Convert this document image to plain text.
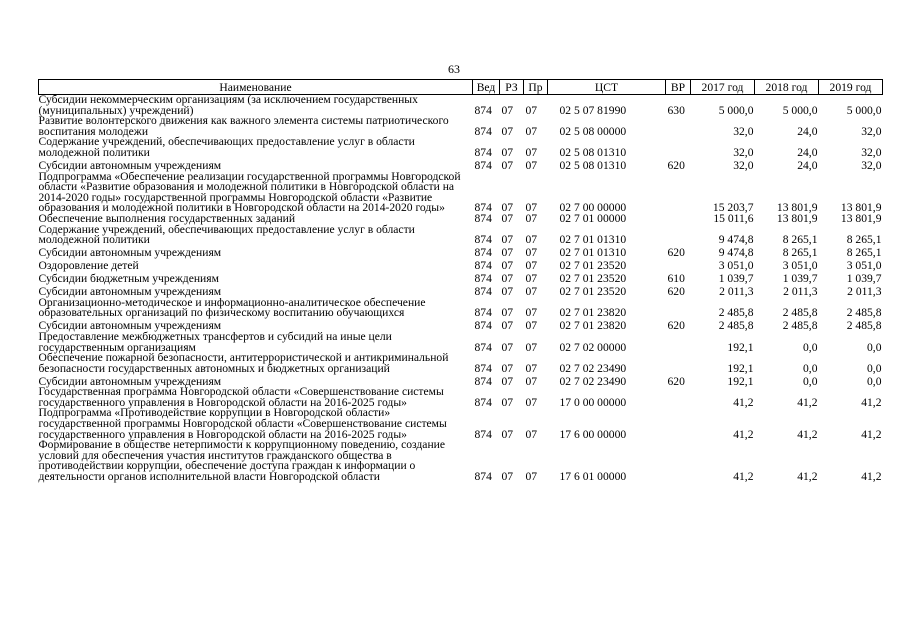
63
Наименование	Вед	РЗ	Пр	ЦСТ	ВР	2017 год	2018 год	2019 год
Субсидии некоммерческим организациям (за исключением государственных (муниципальных) учреждений)	874	07	07	02 5 07 81990	630	5 000,0	5 000,0	5 000,0
Развитие волонтерского движения как важного элемента системы патриотического воспитания молодежи	874	07	07	02 5 08 00000		32,0	24,0	32,0
Содержание учреждений, обеспечивающих предоставление услуг в области молодежной политики	874	07	07	02 5 08 01310		32,0	24,0	32,0
Субсидии автономным учреждениям	874	07	07	02 5 08 01310	620	32,0	24,0	32,0
Подпрограмма «Обеспечение реализации государственной программы Новгородской области «Развитие образования и молодежной политики в Новгородской области на 2014-2020 годы» государственной программы Новгородской области «Развитие образования и молодежной политики в Новгородской области на 2014-2020 годы»	874	07	07	02 7 00 00000		15 203,7	13 801,9	13 801,9
Обеспечение выполнения государственных заданий	874	07	07	02 7 01 00000		15 011,6	13 801,9	13 801,9
Содержание учреждений, обеспечивающих предоставление услуг в области молодежной политики	874	07	07	02 7 01 01310		9 474,8	8 265,1	8 265,1
Субсидии автономным учреждениям	874	07	07	02 7 01 01310	620	9 474,8	8 265,1	8 265,1
Оздоровление детей	874	07	07	02 7 01 23520		3 051,0	3 051,0	3 051,0
Субсидии бюджетным учреждениям	874	07	07	02 7 01 23520	610	1 039,7	1 039,7	1 039,7
Субсидии автономным учреждениям	874	07	07	02 7 01 23520	620	2 011,3	2 011,3	2 011,3
Организационно-методическое и информационно-аналитическое обеспечение образовательных организаций по физическому воспитанию обучающихся	874	07	07	02 7 01 23820		2 485,8	2 485,8	2 485,8
Субсидии автономным учреждениям	874	07	07	02 7 01 23820	620	2 485,8	2 485,8	2 485,8
Предоставление межбюджетных трансфертов и субсидий на иные цели государственным организациям	874	07	07	02 7 02 00000		192,1	0,0	0,0
Обеспечение пожарной безопасности, антитеррористической и антикриминальной безопасности государственных автономных и бюджетных организаций	874	07	07	02 7 02 23490		192,1	0,0	0,0
Субсидии автономным учреждениям	874	07	07	02 7 02 23490	620	192,1	0,0	0,0
Государственная программа Новгородской области «Совершенствование системы государственного управления в Новгородской области на 2016-2025 годы»	874	07	07	17 0 00 00000		41,2	41,2	41,2
Подпрограмма «Противодействие коррупции в Новгородской области» государственной программы Новгородской области «Совершенствование системы государственного управления в Новгородской области на 2016-2025 годы»	874	07	07	17 6 00 00000		41,2	41,2	41,2
Формирование в обществе нетерпимости к коррупционному поведению, создание условий для обеспечения участия институтов гражданского общества в противодействии коррупции, обеспечение доступа граждан к информации о деятельности органов исполнительной власти Новгородской области	874	07	07	17 6 01 00000		41,2	41,2	41,2
